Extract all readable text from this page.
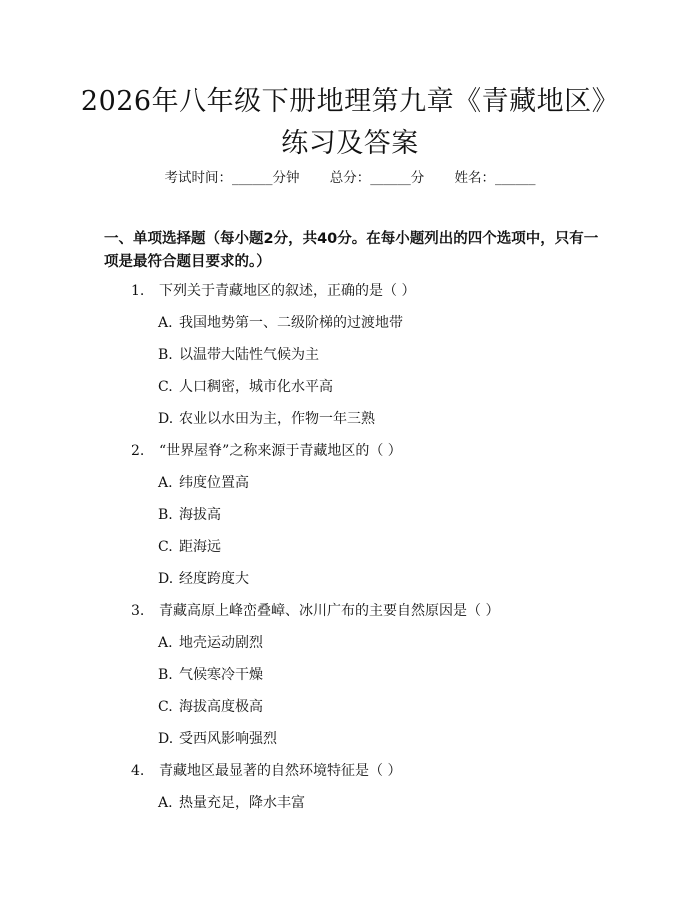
2026年八年级下册地理第九章《青藏地区》
练习及答案
考试时间：______分钟 总分：______分 姓名：______
一、单项选择题（每小题2分，共40分。在每小题列出的四个选项中，只有一项是最符合题目要求的。）
1. 下列关于青藏地区的叙述，正确的是（ ）
A. 我国地势第一、二级阶梯的过渡地带
B. 以温带大陆性气候为主
C. 人口稠密，城市化水平高
D. 农业以水田为主，作物一年三熟
2. “世界屋脊”之称来源于青藏地区的（ ）
A. 纬度位置高
B. 海拔高
C. 距海远
D. 经度跨度大
3. 青藏高原上峰峦叠嶂、冰川广布的主要自然原因是（ ）
A. 地壳运动剧烈
B. 气候寒冷干燥
C. 海拔高度极高
D. 受西风影响强烈
4. 青藏地区最显著的自然环境特征是（ ）
A. 热量充足，降水丰富
